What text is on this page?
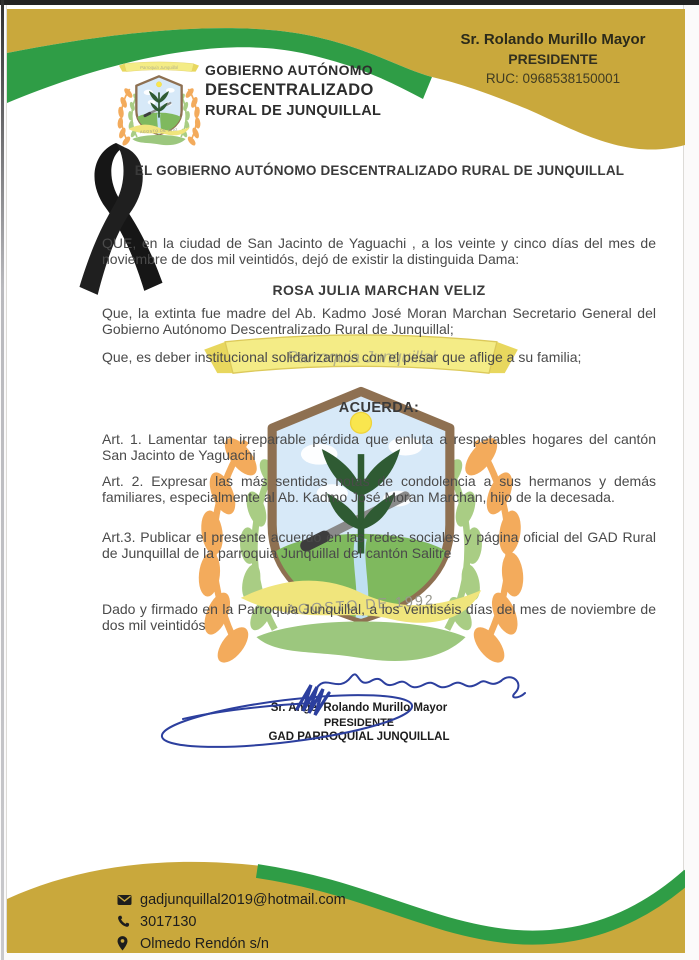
GOBIERNO AUTÓNOMO
DESCENTRALIZADO
RURAL DE JUNQUILLAL
Sr. Rolando Murillo Mayor
PRESIDENTE
RUC: 0968538150001
EL GOBIERNO AUTÓNOMO DESCENTRALIZADO RURAL DE JUNQUILLAL
QUE, en la ciudad de San Jacinto de Yaguachi , a los veinte y cinco días del mes de noviembre de dos mil veintidós, dejó de existir la distinguida Dama:
ROSA JULIA MARCHAN VELIZ
Que, la extinta fue madre del Ab. Kadmo José Moran Marchan Secretario General del Gobierno Autónomo Descentralizado Rural de Junquillal;
Que, es deber institucional solidarizarnos con el pesar que aflige a su familia;
ACUERDA:
Art. 1. Lamentar tan irreparable pérdida que enluta a respetables hogares del cantón San Jacinto de Yaguachi
Art. 2. Expresar las más sentidas notas de condolencia a sus hermanos y demás familiares, especialmente al Ab. Kadmo José Moran Marchan, hijo de la decesada.
Art.3. Publicar el presente acuerdo en las redes sociales y página oficial del GAD Rural de Junquillal de la parroquia Junquillal del cantón Salitre
Dado y firmado en la Parroquia Junquillal, a los veintiséis días del mes de noviembre de dos mil veintidós
Sr. Angel Rolando Murillo Mayor
PRESIDENTE
GAD PARROQUIAL JUNQUILLAL
gadjunquillal2019@hotmail.com
3017130
Olmedo Rendón s/n
